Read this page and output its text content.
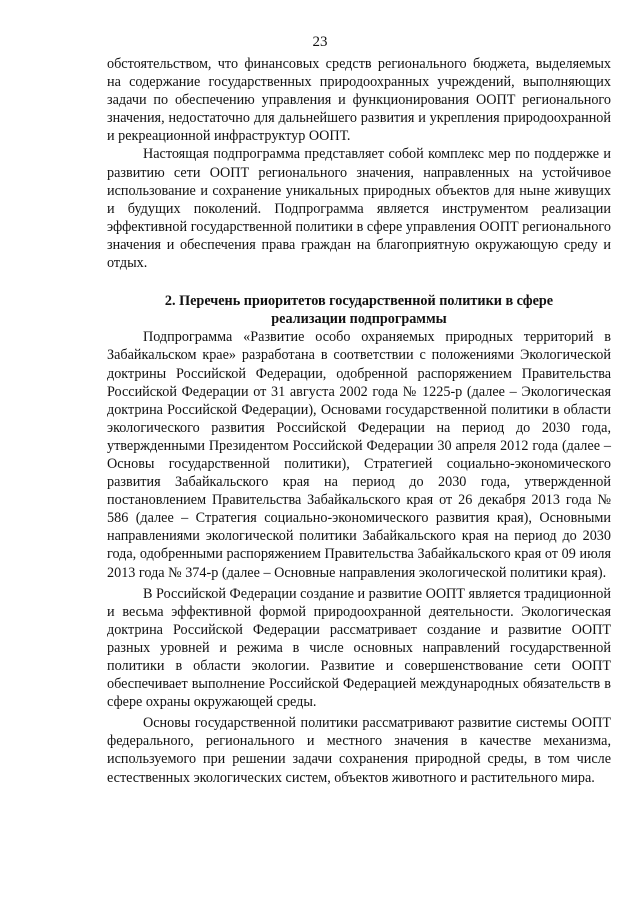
23

обстоятельством, что финансовых средств регионального бюджета, выделяемых на содержание государственных природоохранных учреждений, выполняющих задачи по обеспечению управления и функционирования ООПТ регионального значения, недостаточно для дальнейшего развития и укрепления природоохранной и рекреационной инфраструктур ООПТ.

Настоящая подпрограмма представляет собой комплекс мер по поддержке и развитию сети ООПТ регионального значения, направленных на устойчивое использование и сохранение уникальных природных объектов для ныне живущих и будущих поколений. Подпрограмма является инструментом реализации эффективной государственной политики в сфере управления ООПТ регионального значения и обеспечения права граждан на благоприятную окружающую среду и отдых.

2. Перечень приоритетов государственной политики в сфере
реализации подпрограммы

Подпрограмма «Развитие особо охраняемых природных территорий в Забайкальском крае» разработана в соответствии с положениями Экологической доктрины Российской Федерации, одобренной распоряжением Правительства Российской Федерации от 31 августа 2002 года № 1225-р (далее – Экологическая доктрина Российской Федерации), Основами государственной политики в области экологического развития Российской Федерации на период до 2030 года, утвержденными Президентом Российской Федерации 30 апреля 2012 года (далее – Основы государственной политики), Стратегией социально-экономического развития Забайкальского края на период до 2030 года, утвержденной постановлением Правительства Забайкальского края от 26 декабря 2013 года № 586 (далее – Стратегия социально-экономического развития края), Основными направлениями экологической политики Забайкальского края на период до 2030 года, одобренными распоряжением Правительства Забайкальского края от 09 июля 2013 года № 374-р (далее – Основные направления экологической политики края).

В Российской Федерации создание и развитие ООПТ является традиционной и весьма эффективной формой природоохранной деятельности. Экологическая доктрина Российской Федерации рассматривает создание и развитие ООПТ разных уровней и режима в числе основных направлений государственной политики в области экологии. Развитие и совершенствование сети ООПТ обеспечивает выполнение Российской Федерацией международных обязательств в сфере охраны окружающей среды.

Основы государственной политики рассматривают развитие системы ООПТ федерального, регионального и местного значения в качестве механизма, используемого при решении задачи сохранения природной среды, в том числе естественных экологических систем, объектов животного и растительного мира.
